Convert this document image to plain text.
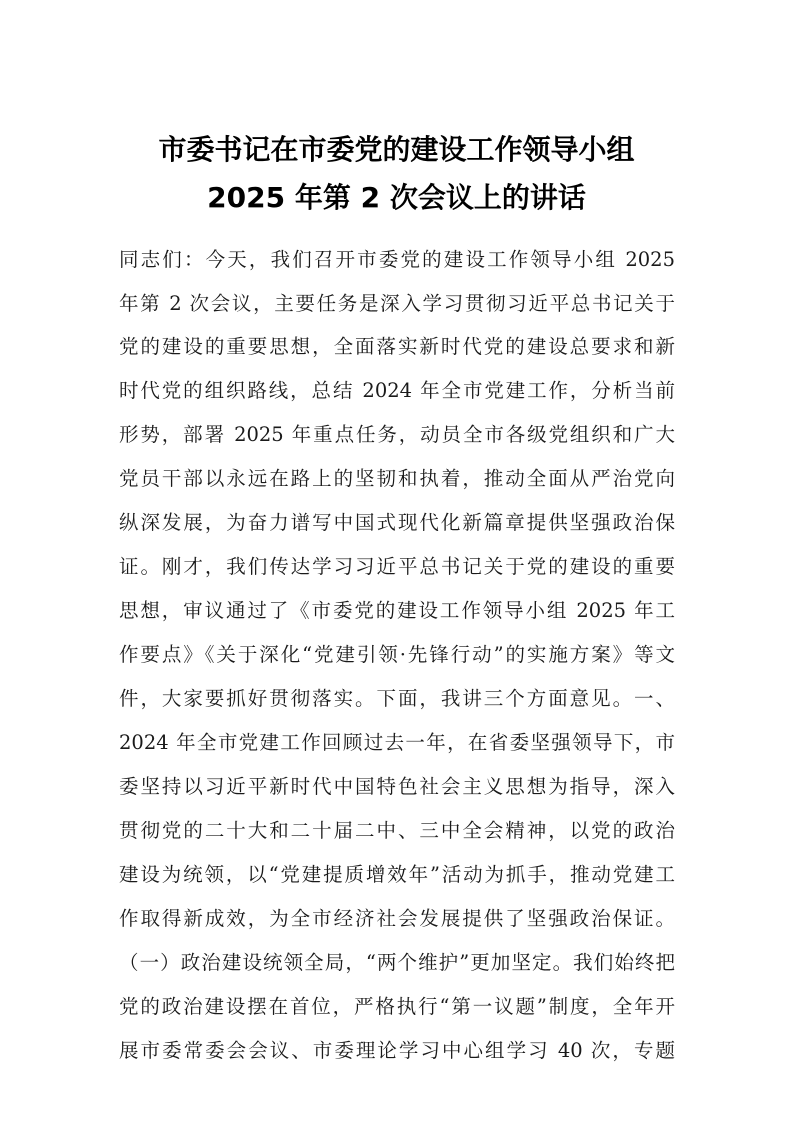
市委书记在市委党的建设工作领导小组
2025 年第 2 次会议上的讲话
同志们：今天，我们召开市委党的建设工作领导小组 2025
年第 2 次会议，主要任务是深入学习贯彻习近平总书记关于
党的建设的重要思想，全面落实新时代党的建设总要求和新
时代党的组织路线，总结 2024 年全市党建工作，分析当前
形势，部署 2025 年重点任务，动员全市各级党组织和广大
党员干部以永远在路上的坚韧和执着，推动全面从严治党向
纵深发展，为奋力谱写中国式现代化新篇章提供坚强政治保
证。刚才，我们传达学习习近平总书记关于党的建设的重要
思想，审议通过了《市委党的建设工作领导小组 2025 年工
作要点》《关于深化“党建引领·先锋行动”的实施方案》等文
件，大家要抓好贯彻落实。下面，我讲三个方面意见。一、
2024 年全市党建工作回顾过去一年，在省委坚强领导下，市
委坚持以习近平新时代中国特色社会主义思想为指导，深入
贯彻党的二十大和二十届二中、三中全会精神，以党的政治
建设为统领，以“党建提质增效年”活动为抓手，推动党建工
作取得新成效，为全市经济社会发展提供了坚强政治保证。
（一）政治建设统领全局，“两个维护”更加坚定。我们始终把
党的政治建设摆在首位，严格执行“第一议题”制度，全年开
展市委常委会会议、市委理论学习中心组学习 40 次，专题
